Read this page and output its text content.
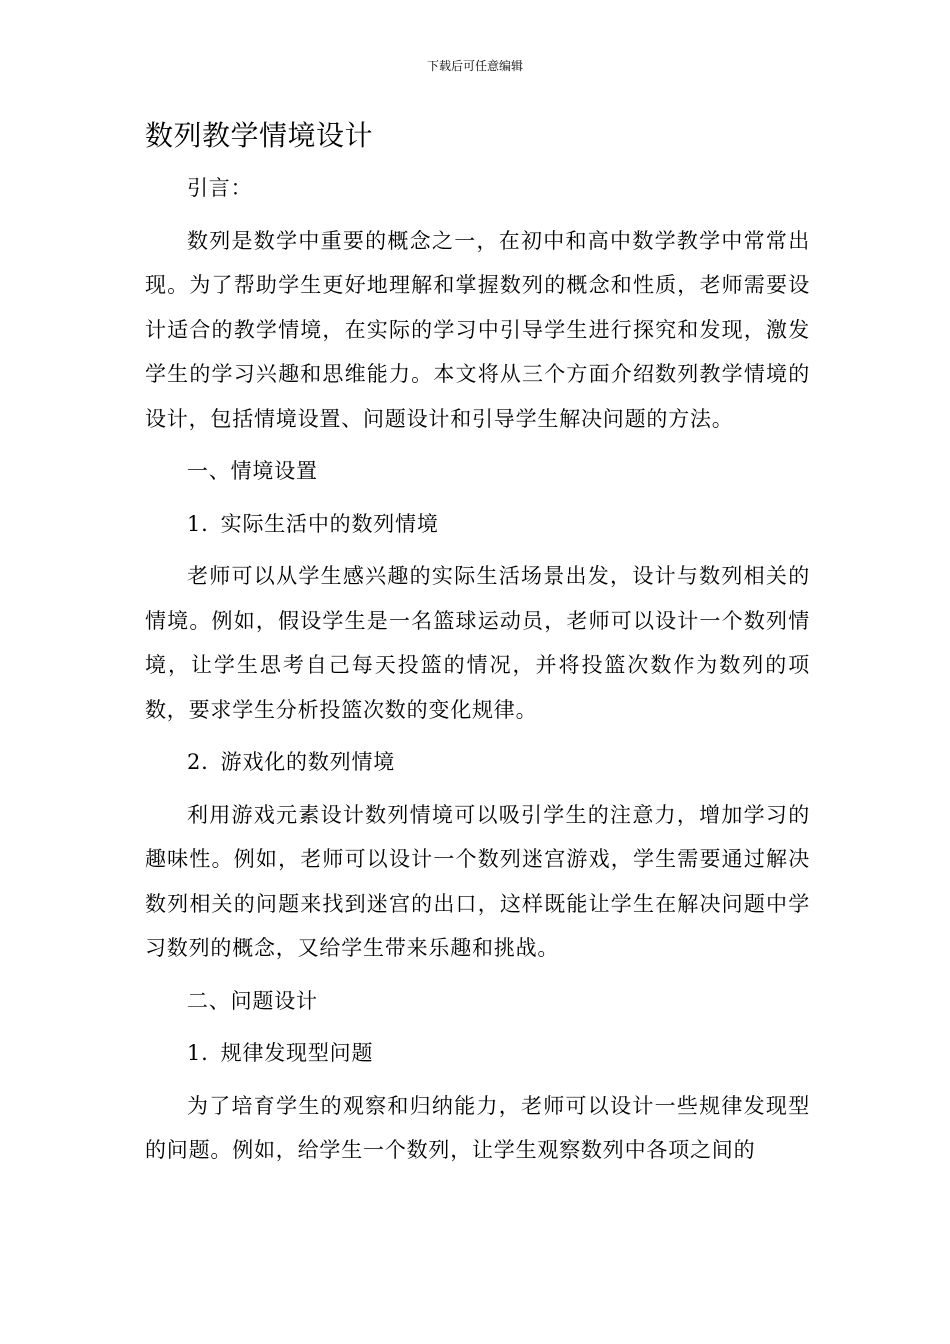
下载后可任意编辑
数列教学情境设计

引言：

数列是数学中重要的概念之一，在初中和高中数学教学中常常出现。为了帮助学生更好地理解和掌握数列的概念和性质，老师需要设计适合的教学情境，在实际的学习中引导学生进行探究和发现，激发学生的学习兴趣和思维能力。本文将从三个方面介绍数列教学情境的设计，包括情境设置、问题设计和引导学生解决问题的方法。

一、情境设置

1. 实际生活中的数列情境

老师可以从学生感兴趣的实际生活场景出发，设计与数列相关的情境。例如，假设学生是一名篮球运动员，老师可以设计一个数列情境，让学生思考自己每天投篮的情况，并将投篮次数作为数列的项数，要求学生分析投篮次数的变化规律。

2. 游戏化的数列情境

利用游戏元素设计数列情境可以吸引学生的注意力，增加学习的趣味性。例如，老师可以设计一个数列迷宫游戏，学生需要通过解决数列相关的问题来找到迷宫的出口，这样既能让学生在解决问题中学习数列的概念，又给学生带来乐趣和挑战。

二、问题设计

1. 规律发现型问题

为了培育学生的观察和归纳能力，老师可以设计一些规律发现型的问题。例如，给学生一个数列，让学生观察数列中各项之间的
